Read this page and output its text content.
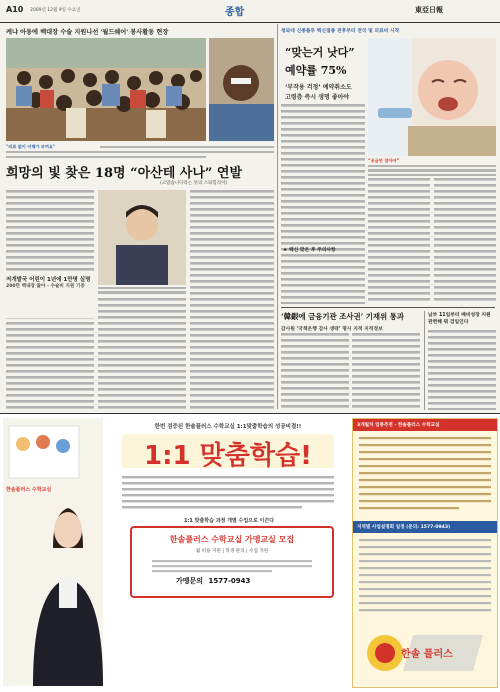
A10 2009년 12월 9일 수요일	종합	東亞日報
케냐 아동에 백대장 수술 지원나선 '월드쉐어' 봉사활동 현장
"의료 없이 이해가 보여요"
희망의 빛 찾은 18명 “아산테 사나” 연발
(고맙습니다라는 뜻의 스와힐리어)
저개발국 어린이 1년에 1만명 실명
200만 백내장 앓아 - 수술비 지원 기증
청와대 신종플루 백신접종 전후부터 전국 및 의료비 시작
“맞는거 낫다”
예약률 75%
‘부작용 걱정’ 예약취소도
고령층 즉시 생명 좋아야
“조금만 참아야”
★ 백신 맞은 후 주의사항
‘韓銀에 금융기관 조사권’ 기재위 통과
감사원 ‘국책은행 감사 생략’ 명시 지적 지적정보
남부 11일부터 배비성장 지원 관련해 뭐 검일인다
한솔플러스 수학교실
한번 검증된 한솔플러스 수학교실 1:1맞춤학습의 성공비결!!
1:1 맞춤학습!
1:1 맞춤학습 과정 개별 수업으로 이끈다
한솔플러스 수학교실 가맹교실 모집
월 비용 지원 | 학생 관리 | 수업 지원
가맹문의 1577-0943
3개월차 업종추천 - 한솔플러스 수학교실
지역별 사업설명회 일정 (문의: 1577-0943)
한솔 플러스
